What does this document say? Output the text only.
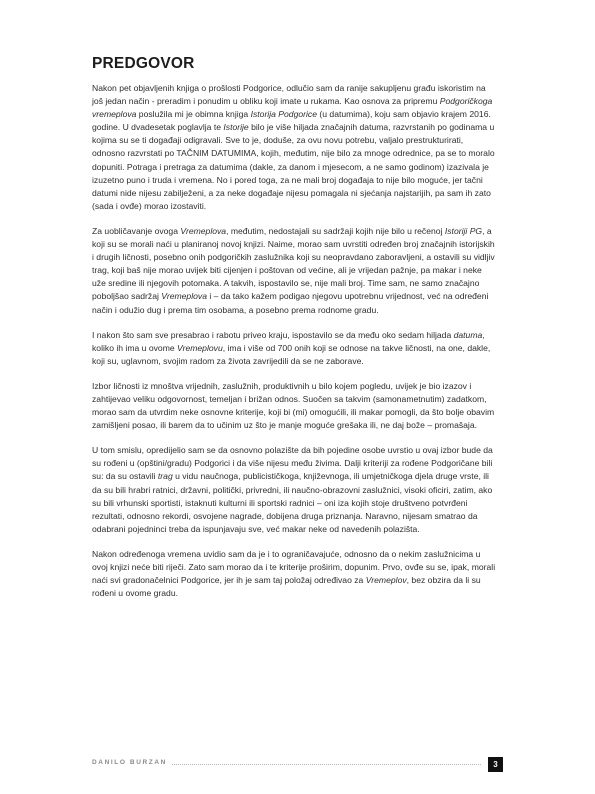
PREDGOVOR

Nakon pet objavljenih knjiga o prošlosti Podgorice, odlučio sam da ranije sakupljenu građu iskoristim na još jedan način - preradim i ponudim u obliku koji imate u rukama. Kao osnova za pripremu Podgoričkoga vremeplova poslužila mi je obimna knjiga Istorija Podgorice (u datumima), koju sam objavio krajem 2016. godine. U dvadesetak poglavlja te Istorije bilo je više hiljada značajnih datuma, razvrstanih po godinama u kojima su se ti događaji odigravali. Sve to je, doduše, za ovu novu potrebu, valjalo prestrukturirati, odnosno razvrstati po TAČNIM DATUMIMA, kojih, međutim, nije bilo za mnoge odrednice, pa se to moralo dopuniti. Potraga i pretraga za datumima (dakle, za danom i mjesecom, a ne samo godinom) izazivala je izuzetno puno i truda i vremena. No i pored toga, za ne mali broj događaja to nije bilo moguće, jer tačni datumi nide nijesu zabilježeni, a za neke događaje nijesu pomagala ni sjećanja najstarijih, pa sam ih zato (sada i ovđe) morao izostaviti.

Za uobličavanje ovoga Vremeplova, međutim, nedostajali su sadržaji kojih nije bilo u rečenoj Istoriji PG, a koji su se morali naći u planiranoj novoj knjizi. Naime, morao sam uvrstiti određen broj značajnih istorijskih i drugih ličnosti, posebno onih podgoričkih zaslužnika koji su neopravdano zaboravljeni, a ostavili su vidljiv trag, koji baš nije morao uvijek biti cijenjen i poštovan od većine, ali je vrijedan pažnje, pa makar i neke uže sredine ili njegovih potomaka. A takvih, ispostavilo se, nije mali broj. Time sam, ne samo značajno poboljšao sadržaj Vremeplova i – da tako kažem podigao njegovu upotrebnu vrijednost, već na određeni način i odužio dug i prema tim osobama, a posebno prema rodnome gradu.

I nakon što sam sve presabrao i rabotu priveo kraju, ispostavilo se da među oko sedam hiljada datuma, koliko ih ima u ovome Vremeplovu, ima i više od 700 onih koji se odnose na takve ličnosti, na one, dakle, koji su, uglavnom, svojim radom za života zavrijedili da se ne zaborave.

Izbor ličnosti iz mnoštva vrijednih, zaslužnih, produktivnih u bilo kojem pogledu, uvijek je bio izazov i zahtijevao veliku odgovornost, temeljan i brižan odnos. Suočen sa takvim (samonametnutim) zadatkom, morao sam da utvrdim neke osnovne kriterije, koji bi (mi) omogućili, ili makar pomogli, da što bolje obavim zamišljeni posao, ili barem da to učinim uz što je manje moguće grešaka ili, ne daj bože – promašaja.

U tom smislu, opredijelio sam se da osnovno polazište da bih pojedine osobe uvrstio u ovaj izbor bude da su rođeni u (opštini/gradu) Podgorici i da više nijesu među živima. Dalji kriteriji za rođene Podgoričane bili su: da su ostavili trag u vidu naučnoga, publicističkoga, književnoga, ili umjetničkoga djela druge vrste, ili da su bili hrabri ratnici, državni, politički, privredni, ili naučno-obrazovni zaslužnici, visoki oficiri, zatim, ako su bili vrhunski sportisti, istaknuti kulturni ili sportski radnici – oni iza kojih stoje društveno potvrđeni rezultati, odnosno rekordi, osvojene nagrade, dobijena druga priznanja. Naravno, nijesam smatrao da odabrani pojedninci treba da ispunjavaju sve, već makar neke od navedenih polazišta.

Nakon određenoga vremena uvidio sam da je i to ograničavajuće, odnosno da o nekim zaslužnicima u ovoj knjizi neće biti riječi. Zato sam morao da i te kriterije proširim, dopunim. Prvo, ovđe su se, ipak, morali naći svi gradonačelnici Podgorice, jer ih je sam taj položaj određivao za Vremeplov, bez obzira da li su rođeni u ovome gradu.

DANILO BURZAN	3
